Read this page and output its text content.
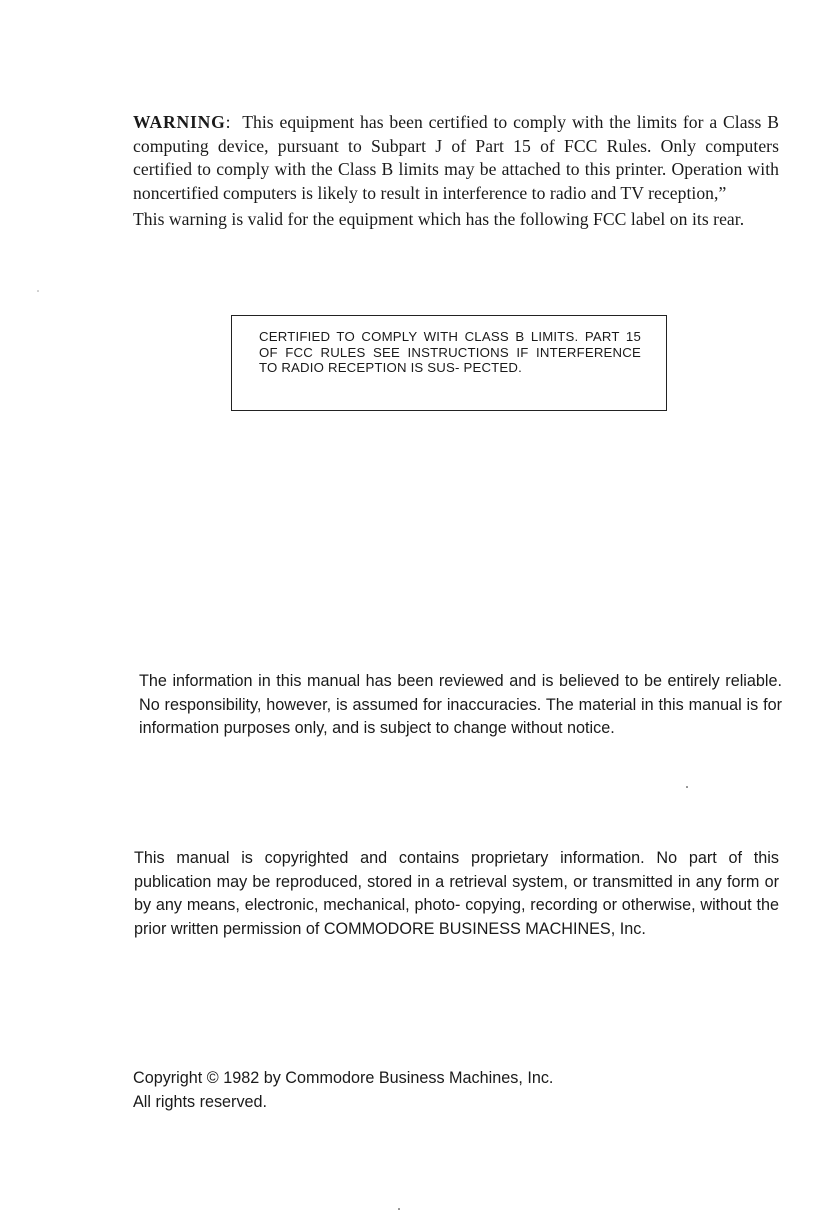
WARNING: This equipment has been certified to comply with the limits for a Class B computing device, pursuant to Subpart J of Part 15 of FCC Rules. Only computers certified to comply with the Class B limits may be attached to this printer. Operation with noncertified computers is likely to result in interference to radio and TV reception,”

This warning is valid for the equipment which has the following FCC label on its rear.

CERTIFIED TO COMPLY WITH CLASS B LIMITS. PART 15 OF FCC RULES SEE INSTRUCTIONS IF INTERFERENCE TO RADIO RECEPTION IS SUS- PECTED.
The information in this manual has been reviewed and is believed to be entirely reliable. No responsibility, however, is assumed for inaccuracies. The material in this manual is for information purposes only, and is subject to change without notice.
This manual is copyrighted and contains proprietary information. No part of this publication may be reproduced, stored in a retrieval system, or transmitted in any form or by any means, electronic, mechanical, photo- copying, recording or otherwise, without the prior written permission of COMMODORE BUSINESS MACHINES, Inc.
Copyright © 1982 by Commodore Business Machines, Inc.
All rights reserved.
